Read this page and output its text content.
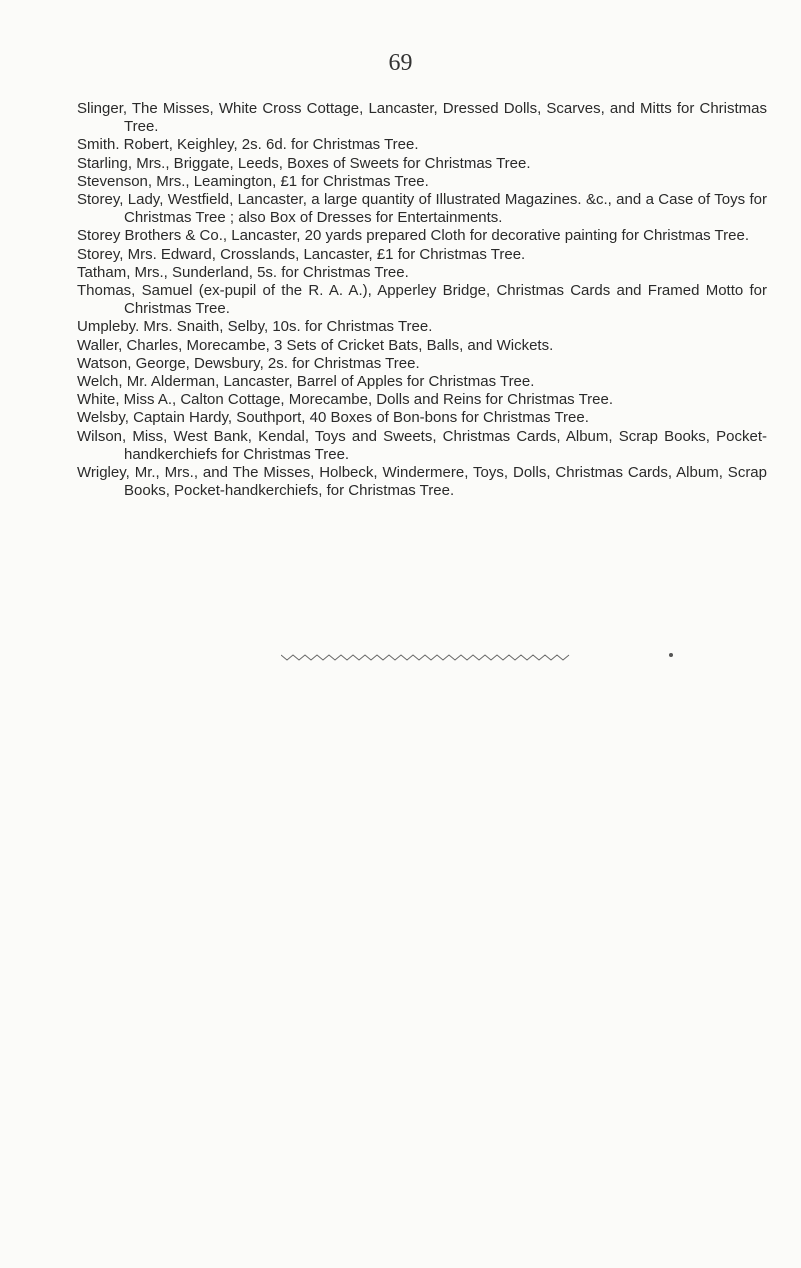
69
Slinger, The Misses, White Cross Cottage, Lancaster, Dressed Dolls, Scarves, and Mitts for Christmas Tree.
Smith. Robert, Keighley, 2s. 6d. for Christmas Tree.
Starling, Mrs., Briggate, Leeds, Boxes of Sweets for Christmas Tree.
Stevenson, Mrs., Leamington, £1 for Christmas Tree.
Storey, Lady, Westfield, Lancaster, a large quantity of Illustrated Magazines. &c., and a Case of Toys for Christmas Tree ; also Box of Dresses for Entertainments.
Storey Brothers & Co., Lancaster, 20 yards prepared Cloth for decorative painting for Christmas Tree.
Storey, Mrs. Edward, Crosslands, Lancaster, £1 for Christmas Tree.
Tatham, Mrs., Sunderland, 5s. for Christmas Tree.
Thomas, Samuel (ex-pupil of the R. A. A.), Apperley Bridge, Christmas Cards and Framed Motto for Christmas Tree.
Umpleby. Mrs. Snaith, Selby, 10s. for Christmas Tree.
Waller, Charles, Morecambe, 3 Sets of Cricket Bats, Balls, and Wickets.
Watson, George, Dewsbury, 2s. for Christmas Tree.
Welch, Mr. Alderman, Lancaster, Barrel of Apples for Christmas Tree.
White, Miss A., Calton Cottage, Morecambe, Dolls and Reins for Christmas Tree.
Welsby, Captain Hardy, Southport, 40 Boxes of Bon-bons for Christmas Tree.
Wilson, Miss, West Bank, Kendal, Toys and Sweets, Christmas Cards, Album, Scrap Books, Pocket-handkerchiefs for Christmas Tree.
Wrigley, Mr., Mrs., and The Misses, Holbeck, Windermere, Toys, Dolls, Christmas Cards, Album, Scrap Books, Pocket-handkerchiefs, for Christmas Tree.
